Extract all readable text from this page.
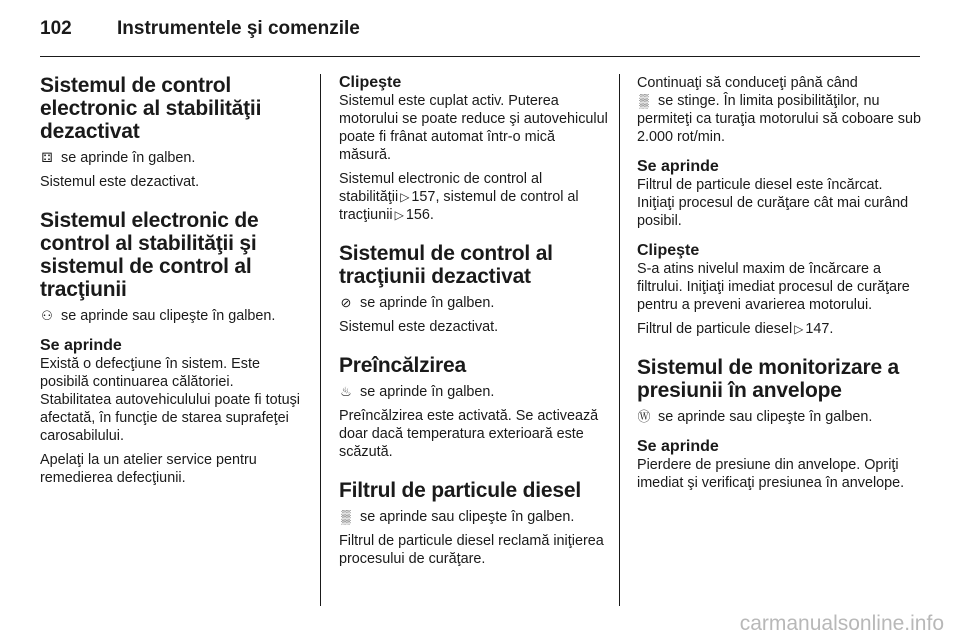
102 Instrumentele şi comenzile
Sistemul de control electronic al stabilităţii dezactivat

⚃ se aprinde în galben.

Sistemul este dezactivat.

Sistemul electronic de control al stabilităţii şi sistemul de control al tracţiunii

⚇ se aprinde sau clipeşte în galben.

Se aprinde

Există o defecţiune în sistem. Este posibilă continuarea călătoriei. Stabilitatea autovehiculului poate fi totuşi afectată, în funcţie de starea suprafeţei carosabilului.

Apelaţi la un atelier service pentru remedierea defecţiunii.

Clipeşte

Sistemul este cuplat activ. Puterea motorului se poate reduce şi autovehiculul poate fi frânat automat într-o mică măsură.

Sistemul electronic de control al stabilităţii ▷ 157, sistemul de control al tracţiunii ▷ 156.

Sistemul de control al tracţiunii dezactivat

⊘ se aprinde în galben.

Sistemul este dezactivat.

Preîncălzirea

♨ se aprinde în galben.

Preîncălzirea este activată. Se activează doar dacă temperatura exterioară este scăzută.

Filtrul de particule diesel

▒ se aprinde sau clipeşte în galben.

Filtrul de particule diesel reclamă iniţierea procesului de curăţare.

Continuaţi să conduceţi până când
▒ se stinge. În limita posibilităţilor, nu permiteţi ca turaţia motorului să coboare sub 2.000 rot/min.

Se aprinde

Filtrul de particule diesel este încărcat. Iniţiaţi procesul de curăţare cât mai curând posibil.

Clipeşte

S-a atins nivelul maxim de încărcare a filtrului. Iniţiaţi imediat procesul de curăţare pentru a preveni avarierea motorului.

Filtrul de particule diesel ▷ 147.

Sistemul de monitorizare a presiunii în anvelope

Ⓦ se aprinde sau clipeşte în galben.

Se aprinde

Pierdere de presiune din anvelope. Opriţi imediat şi verificaţi presiunea în anvelope.

carmanualsonline.info
